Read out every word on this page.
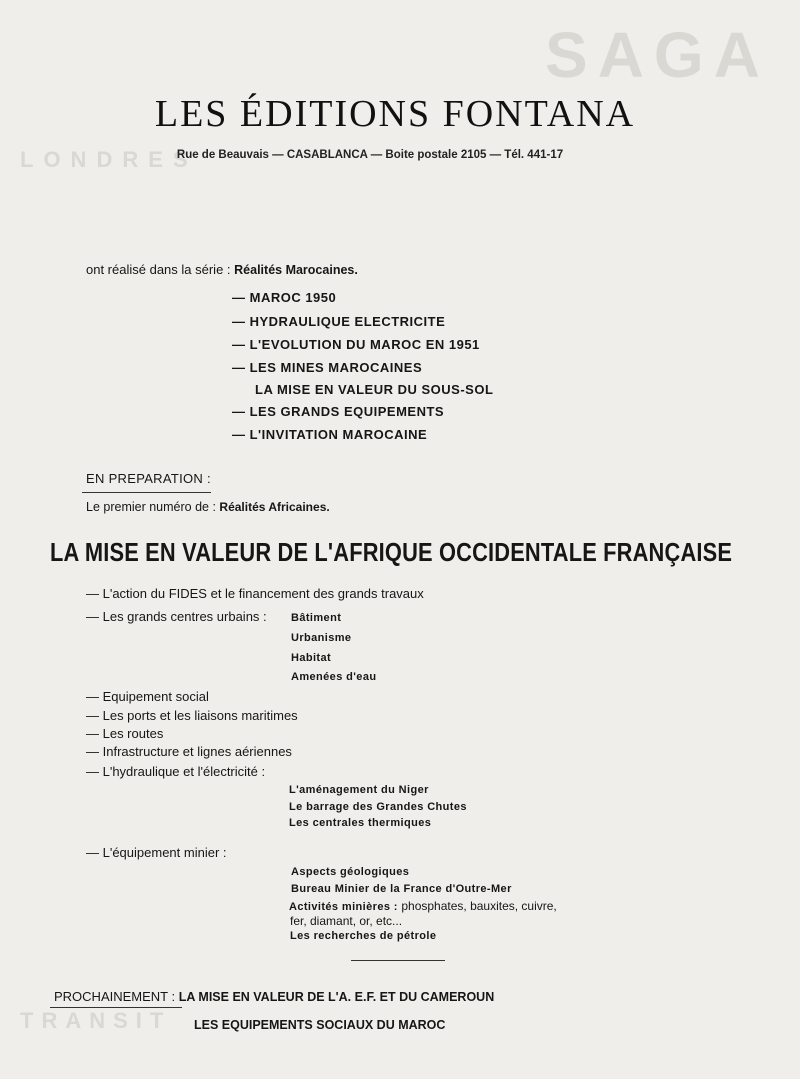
SAGA
LONDRES
TRANSIT
LES ÉDITIONS FONTANA
Rue de Beauvais — CASABLANCA — Boite postale 2105 — Tél. 441-17
ont réalisé dans la série : Réalités Marocaines.
— MAROC 1950
— HYDRAULIQUE ELECTRICITE
— L'EVOLUTION DU MAROC EN 1951
— LES MINES MAROCAINES
LA MISE EN VALEUR DU SOUS-SOL
— LES GRANDS EQUIPEMENTS
— L'INVITATION MAROCAINE
EN PREPARATION :
Le premier numéro de : Réalités Africaines.
LA MISE EN VALEUR DE L'AFRIQUE OCCIDENTALE FRANÇAISE
— L'action du FIDES et le financement des grands travaux
— Les grands centres urbains : Bâtiment
Urbanisme
Habitat
Amenées d'eau
— Equipement social
— Les ports et les liaisons maritimes
— Les routes
— Infrastructure et lignes aériennes
— L'hydraulique et l'électricité :
L'aménagement du Niger
Le barrage des Grandes Chutes
Les centrales thermiques
— L'équipement minier :
Aspects géologiques
Bureau Minier de la France d'Outre-Mer
Activités minières : phosphates, bauxites, cuivre,
fer, diamant, or, etc...
Les recherches de pétrole
PROCHAINEMENT : LA MISE EN VALEUR DE L'A. E.F. ET DU CAMEROUN
LES EQUIPEMENTS SOCIAUX DU MAROC
